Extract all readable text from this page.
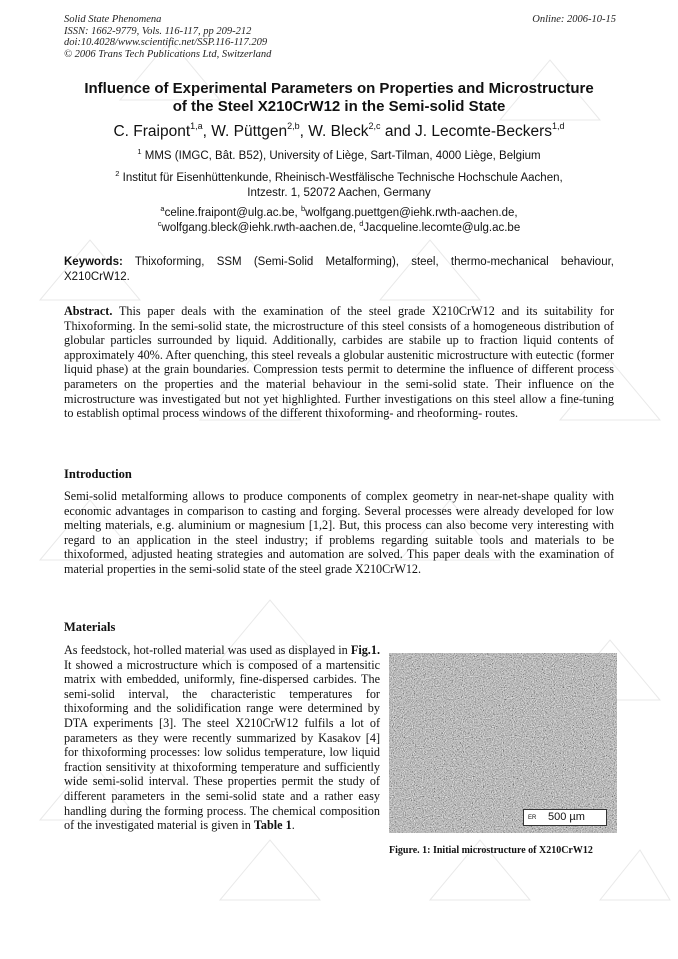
Solid State Phenomena
ISSN: 1662-9779, Vols. 116-117, pp 209-212
doi:10.4028/www.scientific.net/SSP.116-117.209
© 2006 Trans Tech Publications Ltd, Switzerland
Online: 2006-10-15
Influence of Experimental Parameters on Properties and Microstructure
of the Steel X210CrW12 in the Semi-solid State
C. Fraipont$^{1,a}$, W. Püttgen$^{2,b}$, W. Bleck$^{2,c}$ and J. Lecomte-Beckers$^{1,d}$
$^1$ MMS (IMGC, Bât. B52), University of Liège, Sart-Tilman, 4000 Liège, Belgium
$^2$ Institut für Eisenhüttenkunde, Rheinisch-Westfälische Technische Hochschule Aachen,
Intzestr. 1, 52072 Aachen, Germany
$^a$celine.fraipont@ulg.ac.be, $^b$wolfgang.puettgen@iehk.rwth-aachen.de,
$^c$wolfgang.bleck@iehk.rwth-aachen.de, $^d$Jacqueline.lecomte@ulg.ac.be
Keywords: Thixoforming, SSM (Semi-Solid Metalforming), steel, thermo-mechanical behaviour, X210CrW12.
Abstract. This paper deals with the examination of the steel grade X210CrW12 and its suitability for Thixoforming. In the semi-solid state, the microstructure of this steel consists of a homogeneous distribution of globular particles surrounded by liquid. Additionally, carbides are stabile up to fraction liquid contents of approximately 40%. After quenching, this steel reveals a globular austenitic microstructure with eutectic (former liquid phase) at the grain boundaries. Compression tests permit to determine the influence of different process parameters on the properties and the material behaviour in the semi-solid state. Their influence on the microstructure was investigated but not yet highlighted. Further investigations on this steel allow a fine-tuning to establish optimal process windows of the different thixoforming- and rheoforming- routes.
Introduction
Semi-solid metalforming allows to produce components of complex geometry in near-net-shape quality with economic advantages in comparison to casting and forging. Several processes were already developed for low melting materials, e.g. aluminium or magnesium [1,2]. But, this process can also become very interesting with regard to an application in the steel industry; if problems regarding suitable tools and materials to be thixoformed, adjusted heating strategies and automation are solved. This paper deals with the examination of material properties in the semi-solid state of the steel grade X210CrW12.
Materials
As feedstock, hot-rolled material was used as displayed in Fig.1. It showed a microstructure which is composed of a martensitic matrix with embedded, uniformly, fine-dispersed carbides. The semi-solid interval, the characteristic temperatures for thixoforming and the solidification range were determined by DTA experiments [3]. The steel X210CrW12 fulfils a lot of parameters as they were recently summarized by Kasakov [4] for thixoforming processes: low solidus temperature, low liquid fraction sensitivity at thixoforming temperature and sufficiently wide semi-solid interval. These properties permit the study of different parameters in the semi-solid state and a rather easy handling during the forming process. The chemical composition of the investigated material is given in Table 1.
ER 500 µm
Figure. 1: Initial microstructure of X210CrW12
